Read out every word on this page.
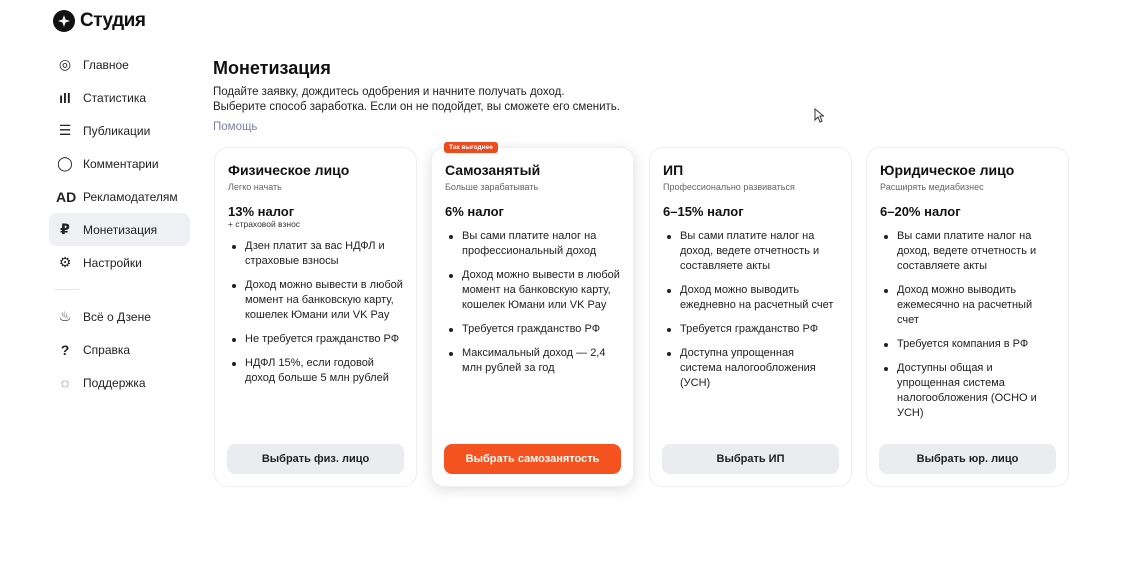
Студия
◎ Главное
ıll Статистика
☰ Публикации
◯ Комментарии
AD Рекламодателям
₽	Монетизация
⚙ Настройки
♨ Всё о Дзене
?	Справка
◌	Поддержка
Монетизация
Подайте заявку, дождитесь одобрения и начните получать доход.
Выберите способ заработка. Если он не подойдет, вы сможете его сменить.
Помощь
Физическое лицо
Легко начать
13% налог
+ страховой взнос
Дзен платит за вас НДФЛ и страховые взносы
Доход можно вывести в любой момент на банковскую карту, кошелек Юмани или VK Pay
Не требуется гражданство РФ
НДФЛ 15%, если годовой доход больше 5 млн рублей
Выбрать физ. лицо
Так выгоднее
Самозанятый
Больше зарабатывать
6% налог
Вы сами платите налог на профессиональный доход
Доход можно вывести в любой момент на банковскую карту, кошелек Юмани или VK Pay
Требуется гражданство РФ
Максимальный доход — 2,4 млн рублей за год
Выбрать самозанятость
ИП
Профессионально развиваться
6–15% налог
Вы сами платите налог на доход, ведете отчетность и составляете акты
Доход можно выводить ежедневно на расчетный счет
Требуется гражданство РФ
Доступна упрощенная система налогообложения (УСН)
Выбрать ИП
Юридическое лицо
Расширять медиабизнес
6–20% налог
Вы сами платите налог на доход, ведете отчетность и составляете акты
Доход можно выводить ежемесячно на расчетный счет
Требуется компания в РФ
Доступны общая и упрощенная система налогообложения (ОСНО и УСН)
Выбрать юр. лицо
